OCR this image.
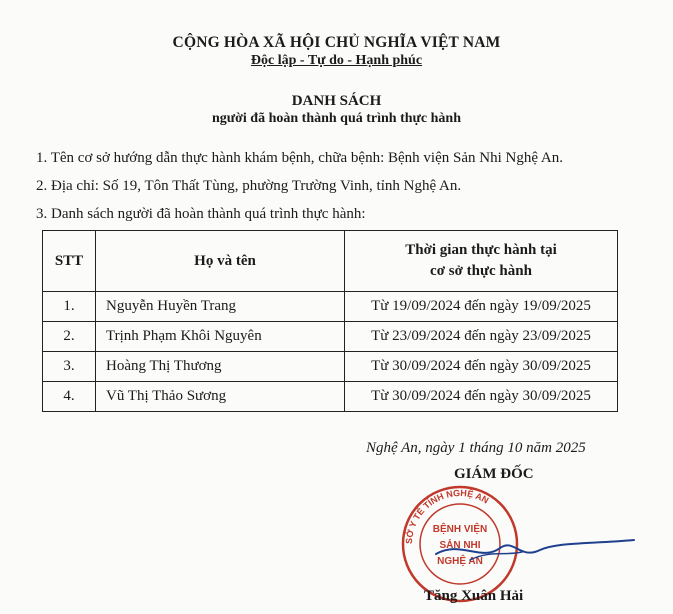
CỘNG HÒA XÃ HỘI CHỦ NGHĨA VIỆT NAM
Độc lập - Tự do - Hạnh phúc
DANH SÁCH
người đã hoàn thành quá trình thực hành
1. Tên cơ sở hướng dẫn thực hành khám bệnh, chữa bệnh: Bệnh viện Sản Nhi Nghệ An.
2. Địa chỉ: Số 19, Tôn Thất Tùng, phường Trường Vinh, tỉnh Nghệ An.
3. Danh sách người đã hoàn thành quá trình thực hành:
STT	Họ và tên	Thời gian thực hành tại
cơ sở thực hành

1.	Nguyễn Huyền Trang	Từ 19/09/2024 đến ngày 19/09/2025
2.	Trịnh Phạm Khôi Nguyên	Từ 23/09/2024 đến ngày 23/09/2025
3.	Hoàng Thị Thương	Từ 30/09/2024 đến ngày 30/09/2025
4.	Vũ Thị Thảo Sương	Từ 30/09/2024 đến ngày 30/09/2025
Nghệ An, ngày 1 tháng 10 năm 2025
GIÁM ĐỐC
SỞ Y TẾ TỈNH NGHỆ AN
BỆNH VIỆN
SẢN NHI
NGHỆ AN
Tăng Xuân Hải
